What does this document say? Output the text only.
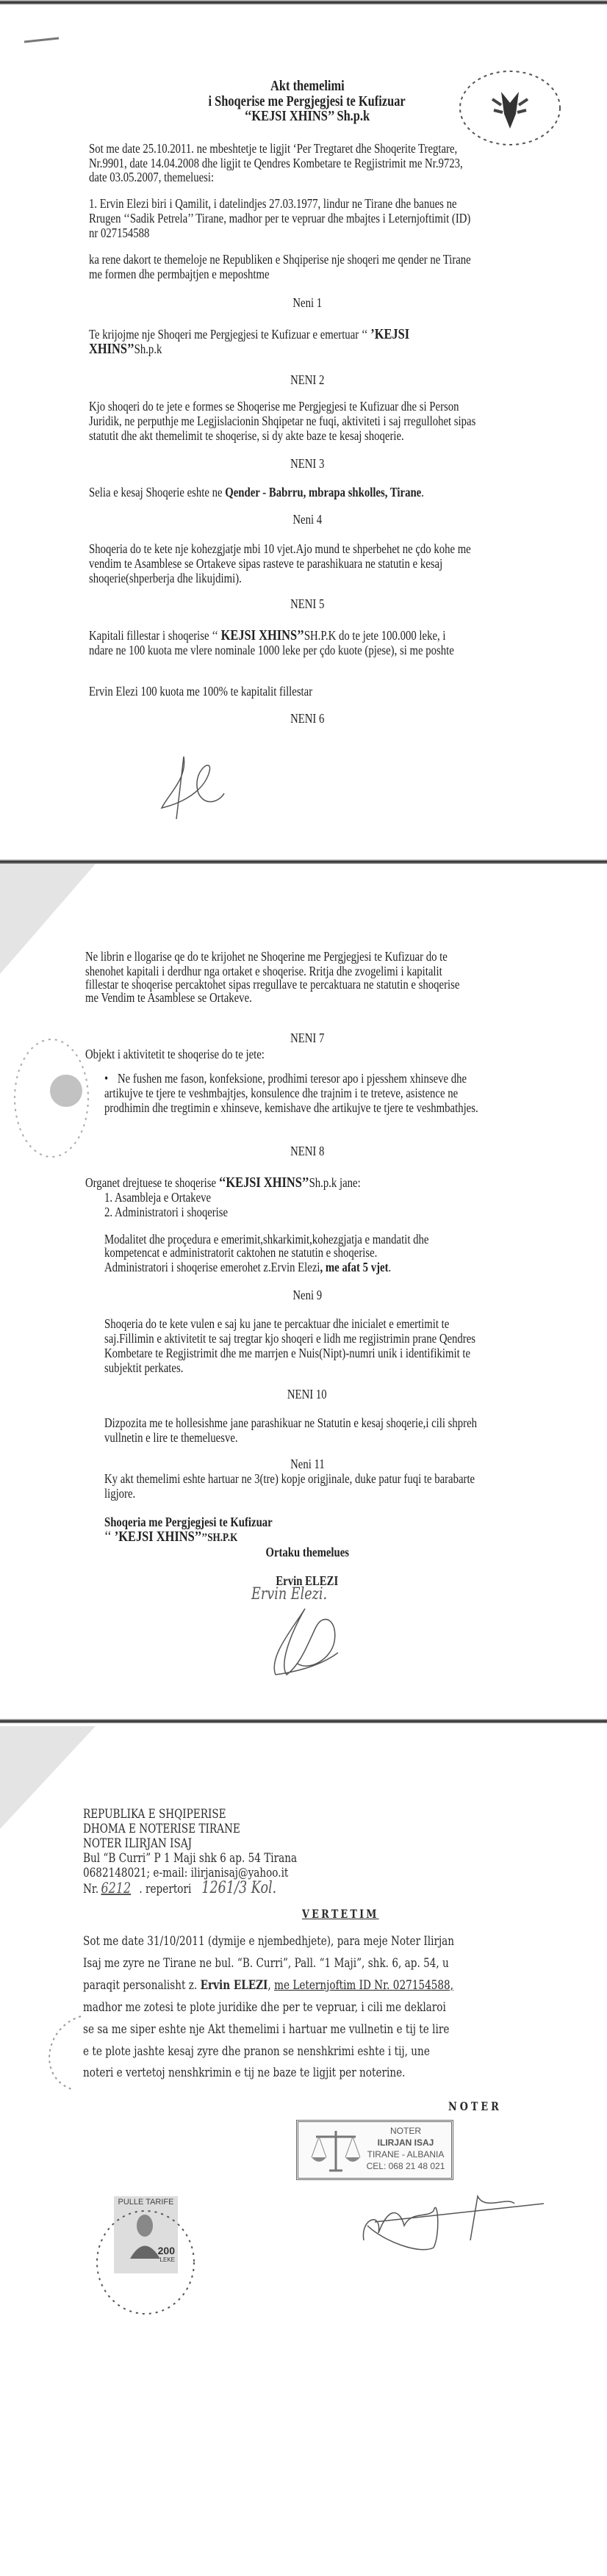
Akt themelimi
i Shoqerise me Pergjegjesi te Kufizuar
‘‘KEJSI XHINS’’ Sh.p.k
Sot me date 25.10.2011. ne mbeshtetje te ligjit ‘Per Tregtaret dhe Shoqerite Tregtare,
Nr.9901, date 14.04.2008 dhe ligjit te Qendres Kombetare te Regjistrimit me Nr.9723,
date 03.05.2007, themeluesi:
1. Ervin Elezi biri i Qamilit, i datelindjes 27.03.1977, lindur ne Tirane dhe banues ne
Rrugen ‘‘Sadik Petrela’’ Tirane, madhor per te vepruar dhe mbajtes i Leternjoftimit (ID)
nr 027154588
ka rene dakort te themeloje ne Republiken e Shqiperise nje shoqeri me qender ne Tirane
me formen dhe permbajtjen e meposhtme
Neni 1
Te krijojme nje Shoqeri me Pergjegjesi te Kufizuar e emertuar ‘‘ ’KEJSI
XHINS’’Sh.p.k
NENI 2
Kjo shoqeri do te jete e formes se Shoqerise me Pergjegjesi te Kufizuar dhe si Person
Juridik, ne perputhje me Legjislacionin Shqipetar ne fuqi, aktiviteti i saj rregullohet sipas
statutit dhe akt themelimit te shoqerise, si dy akte baze te kesaj shoqerie.
NENI 3
Selia e kesaj Shoqerie eshte ne Qender - Babrru, mbrapa shkolles, Tirane.
Neni 4
Shoqeria do te kete nje kohezgjatje mbi 10 vjet.Ajo mund te shperbehet ne çdo kohe me
vendim te Asamblese se Ortakeve sipas rasteve te parashikuara ne statutin e kesaj
shoqerie(shperberja dhe likujdimi).
NENI 5
Kapitali fillestar i shoqerise ‘‘ KEJSI XHINS’’SH.P.K do te jete 100.000 leke, i
ndare ne 100 kuota me vlere nominale 1000 leke per çdo kuote (pjese), si me poshte
Ervin Elezi 100 kuota me 100% te kapitalit fillestar
NENI 6
Ne librin e llogarise qe do te krijohet ne Shoqerine me Pergjegjesi te Kufizuar do te
shenohet kapitali i derdhur nga ortaket e shoqerise. Rritja dhe zvogelimi i kapitalit
fillestar te shoqerise percaktohet sipas rregullave te percaktuara ne statutin e shoqerise
me Vendim te Asamblese se Ortakeve.
NENI 7
Objekt i aktivitetit te shoqerise do te jete:
• Ne fushen me fason, konfeksione, prodhimi teresor apo i pjesshem xhinseve dhe
artikujve te tjere te veshmbajtjes, konsulence dhe trajnim i te treteve, asistence ne
prodhimin dhe tregtimin e xhinseve, kemishave dhe artikujve te tjere te veshmbathjes.
NENI 8
Organet drejtuese te shoqerise ‘‘KEJSI XHINS’’Sh.p.k jane:
1. Asambleja e Ortakeve
2. Administratori i shoqerise
Modalitet dhe proçedura e emerimit,shkarkimit,kohezgjatja e mandatit dhe
kompetencat e administratorit caktohen ne statutin e shoqerise.
Administratori i shoqerise emerohet z.Ervin Elezi, me afat 5 vjet.
Neni 9
Shoqeria do te kete vulen e saj ku jane te percaktuar dhe inicialet e emertimit te
saj.Fillimin e aktivitetit te saj tregtar kjo shoqeri e lidh me regjistrimin prane Qendres
Kombetare te Regjistrimit dhe me marrjen e Nuis(Nipt)-numri unik i identifikimit te
subjektit perkates.
NENI 10
Dizpozita me te hollesishme jane parashikuar ne Statutin e kesaj shoqerie,i cili shpreh
vullnetin e lire te themeluesve.
Neni 11
Ky akt themelimi eshte hartuar ne 3(tre) kopje origjinale, duke patur fuqi te barabarte
ligjore.
Shoqeria me Pergjegjesi te Kufizuar
‘‘ ’KEJSI XHINS’’’’SH.P.K
Ortaku themelues
Ervin ELEZI
Ervin Elezi.
REPUBLIKA E SHQIPERISE
DHOMA E NOTERISE TIRANE
NOTER ILIRJAN ISAJ
Bul “B Curri” P 1 Maji shk 6 ap. 54 Tirana
0682148021; e-mail: ilirjanisaj@yahoo.it
Nr. 6212 . repertori 1261/3 Kol.
VERTETIM
Sot me date 31/10/2011 (dymije e njembedhjete), para meje Noter Ilirjan
Isaj me zyre ne Tirane ne bul. “B. Curri”, Pall. “1 Maji”, shk. 6, ap. 54, u
paraqit personalisht z. Ervin ELEZI, me Leternjoftim ID Nr. 027154588,
madhor me zotesi te plote juridike dhe per te vepruar, i cili me deklaroi
se sa me siper eshte nje Akt themelimi i hartuar me vullnetin e tij te lire
e te plote jashte kesaj zyre dhe pranon se nenshkrimi eshte i tij, une
noteri e vertetoj nenshkrimin e tij ne baze te ligjit per noterine.
NOTER
NOTER
ILIRJAN ISAJ
TIRANE - ALBANIA
CEL: 068 21 48 021
PULLE TARIFE
200
LEKE
